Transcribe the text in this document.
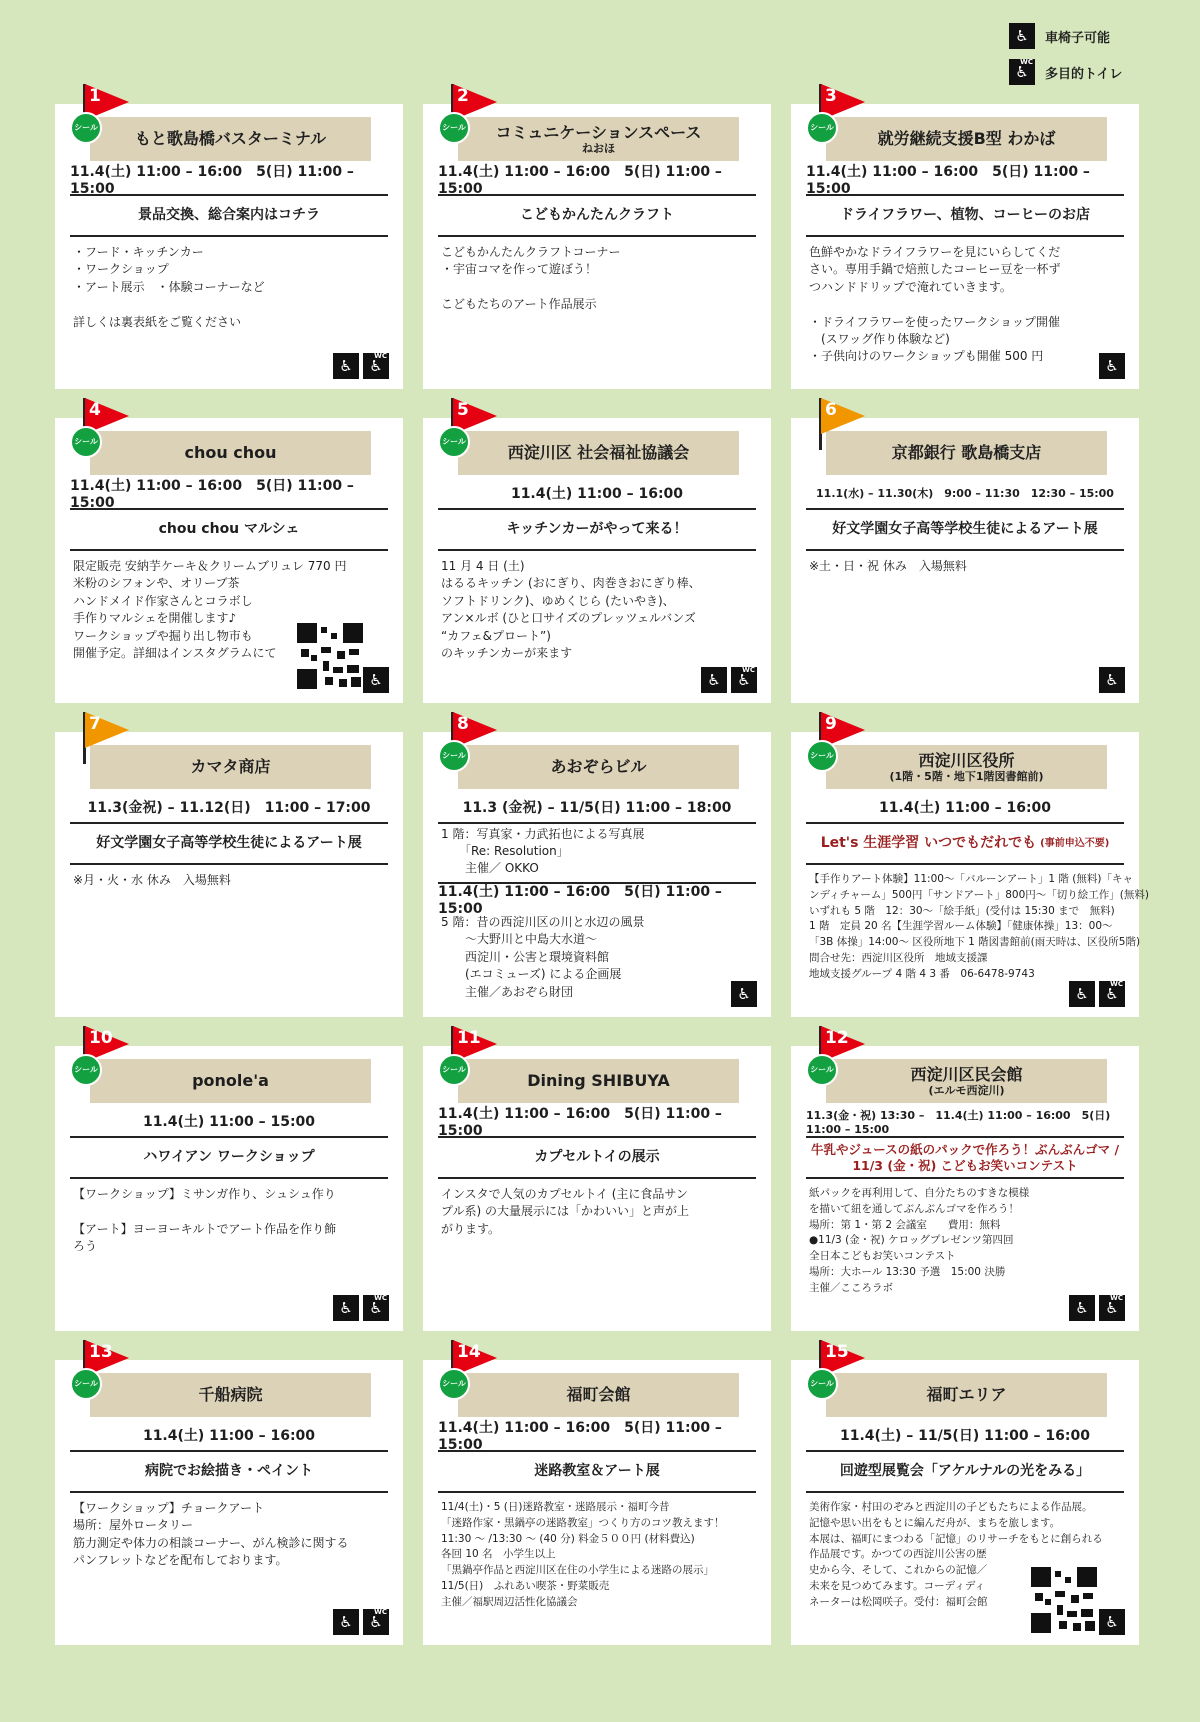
♿	車椅子可能
WC
♿	多目的トイレ
もと歌島橋バスターミナル
1
シール
11.4(土) 11:00 – 16:00　5(日) 11:00 – 15:00
景品交換、総合案内はコチラ
・フード・キッチンカー
・ワークショップ
・アート展示　・体験コーナーなど

詳しくは裏表紙をご覧ください
♿
WC
♿
コミュニケーションスペース
ねおほ
2
シール
11.4(土) 11:00 – 16:00　5(日) 11:00 – 15:00
こどもかんたんクラフト
こどもかんたんクラフトコーナー
・宇宙コマを作って遊ぼう！

こどもたちのアート作品展示
就労継続支援B型 わかば
3
シール
11.4(土) 11:00 – 16:00　5(日) 11:00 – 15:00
ドライフラワー、植物、コーヒーのお店
色鮮やかなドライフラワーを見にいらしてくだ
さい。専用手鍋で焙煎したコーヒー豆を一杯ず
つハンドドリップで淹れていきます。

・ドライフラワーを使ったワークショップ開催
　(スワッグ作り体験など)
・子供向けのワークショップも開催 500 円
♿
chou chou
4
シール
11.4(土) 11:00 – 16:00　5(日) 11:00 – 15:00
chou chou マルシェ
限定販売 安納芋ケーキ＆クリームブリュレ 770 円
米粉のシフォンや、オリーブ茶
ハンドメイド作家さんとコラボし
手作りマルシェを開催します♪
ワークショップや掘り出し物市も
開催予定。詳細はインスタグラムにて
♿
西淀川区 社会福祉協議会
5
シール
11.4(土) 11:00 – 16:00
キッチンカーがやって来る！
11 月 4 日 (土)
はるるキッチン (おにぎり、肉巻きおにぎり棒、
ソフトドリンク)、ゆめくじら (たいやき)、
アン×ルボ (ひと口サイズのプレッツェルバンズ
“カフェ&プロート”)
のキッチンカーが来ます
♿
WC
♿
京都銀行 歌島橋支店
6
11.1(水) – 11.30(木)　9:00 – 11:30　12:30 – 15:00
好文学園女子高等学校生徒によるアート展
※土・日・祝 休み　入場無料
♿
カマタ商店
7
11.3(金祝) – 11.12(日)　11:00 – 17:00
好文学園女子高等学校生徒によるアート展
※月・火・水 休み　入場無料
あおぞらビル
8
シール
11.3 (金祝) – 11/5(日) 11:00 – 18:00
1 階：写真家・力武拓也による写真展
　　「Re: Resolution」
　　主催／ OKKO
11.4(土) 11:00 – 16:00　5(日) 11:00 – 15:00
5 階：昔の西淀川区の川と水辺の風景
　　～大野川と中島大水道～
　　西淀川・公害と環境資料館
　　(エコミューズ) による企画展
　　主催／あおぞら財団	♿
西淀川区役所
(1階・5階・地下1階図書館前)
9
シール
11.4(土) 11:00 – 16:00
Let's 生涯学習 いつでもだれでも (事前申込不要)
【手作りアート体験】11:00～「バルーンアート」1 階 (無料)「キャ
ンディチャーム」500円「サンドアート」800円～「切り絵工作」(無料)
いずれも 5 階　12：30～「絵手紙」(受付は 15:30 まで　無料)
1 階　定員 20 名【生涯学習ルーム体験】「健康体操」13：00～
「3B 体操」14:00～ 区役所地下 1 階図書館前(雨天時は、区役所5階)
問合せ先：西淀川区役所　地域支援課
地域支援グループ 4 階 4 3 番　06-6478-9743
♿
WC
♿
ponole'a
10
シール
11.4(土) 11:00 – 15:00
ハワイアン ワークショップ
【ワークショップ】ミサンガ作り、シュシュ作り

【アート】ヨーヨーキルトでアート作品を作り飾
ろう
♿
WC
♿
Dining SHIBUYA
11
シール
11.4(土) 11:00 – 16:00　5(日) 11:00 – 15:00
カプセルトイの展示
インスタで人気のカプセルトイ (主に食品サン
プル系) の大量展示には「かわいい」と声が上
がります。
西淀川区民会館
(エルモ西淀川)
12
シール
11.3(金・祝) 13:30 –　11.4(土) 11:00 – 16:00　5(日) 11:00 – 15:00
牛乳やジュースの紙のパックで作ろう！ぶんぶんゴマ /
11/3 (金・祝) こどもお笑いコンテスト
紙パックを再利用して、自分たちのすきな模様
を描いて紐を通してぶんぶんゴマを作ろう！
場所：第 1・第 2 会議室　　費用：無料
●11/3 (金・祝) ケロッグプレゼンツ第四回
全日本こどもお笑いコンテスト
場所：大ホール 13:30 予選　15:00 決勝
主催／こころラボ
♿
WC
♿
千船病院
13
シール
11.4(土) 11:00 – 16:00
病院でお絵描き・ペイント
【ワークショップ】チョークアート
場所：屋外ロータリー
筋力測定や体力の相談コーナー、がん検診に関する
パンフレットなどを配布しております。
♿
WC
♿
福町会館
14
シール
11.4(土) 11:00 – 16:00　5(日) 11:00 – 15:00
迷路教室＆アート展
11/4(土)・5 (日)迷路教室・迷路展示・福町今昔
「迷路作家・黒鍋亭の迷路教室」つくり方のコツ教えます！
11:30 ～ /13:30 ～ (40 分) 料金５００円 (材料費込)
各回 10 名　小学生以上
「黒鍋亭作品と西淀川区在住の小学生による迷路の展示」
11/5(日)　ふれあい喫茶・野菜販売
主催／福駅周辺活性化協議会
福町エリア
15
シール
11.4(土) – 11/5(日) 11:00 – 16:00
回遊型展覧会「アケルナルの光をみる」
美術作家・村田のぞみと西淀川の子どもたちによる作品展。
記憶や思い出をもとに編んだ舟が、まちを旅します。
本展は、福町にまつわる「記憶」のリサーチをもとに創られる
作品展です。かつての西淀川公害の歴
史から今、そして、これからの記憶／
未来を見つめてみます。コーディディ
ネーターは松岡咲子。受付：福町会館
♿
